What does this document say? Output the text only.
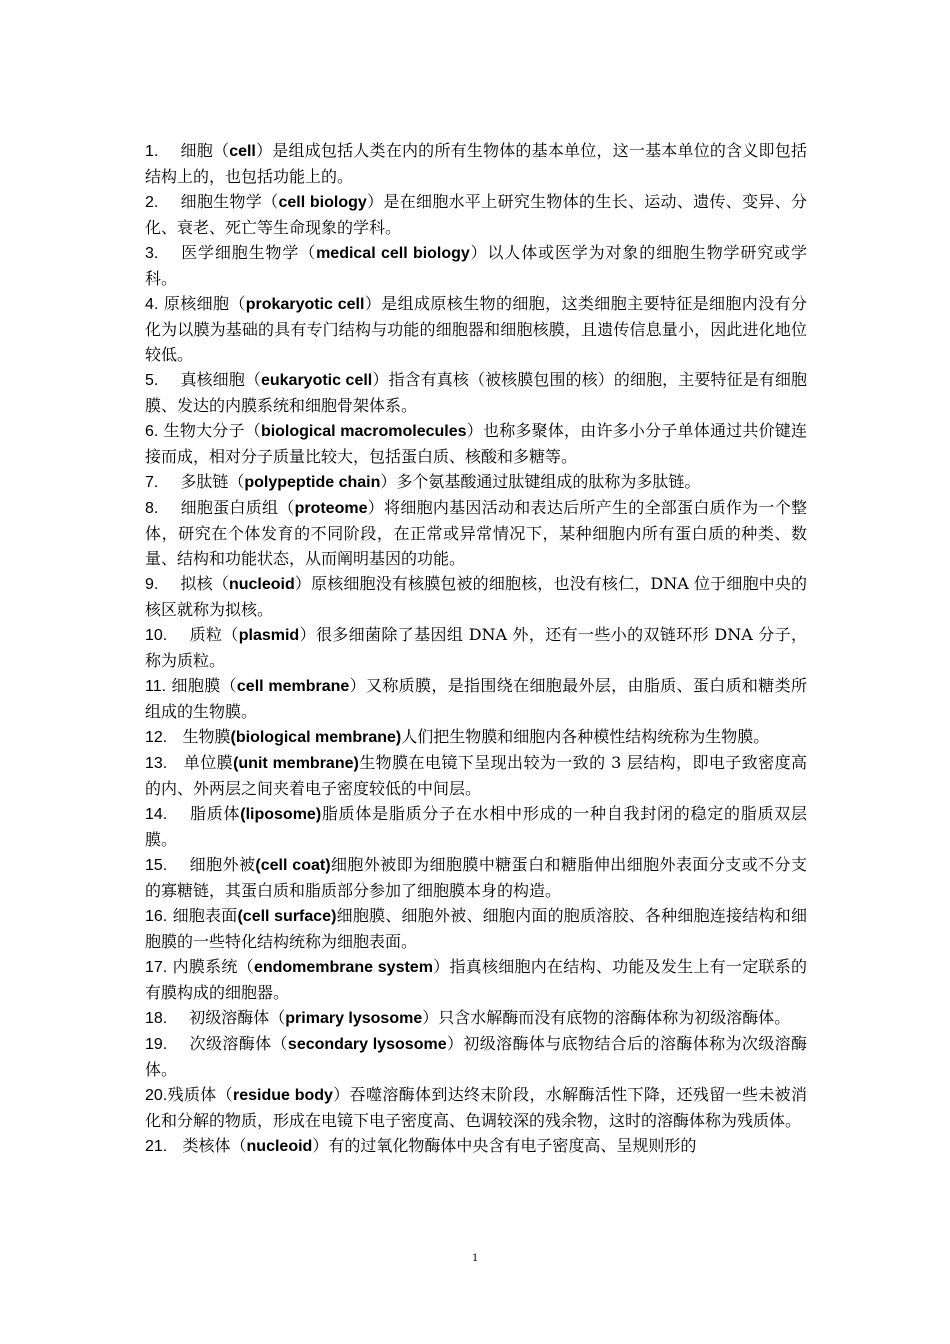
1. 细胞（cell）是组成包括人类在内的所有生物体的基本单位，这一基本单位的含义即包括结构上的，也包括功能上的。

2. 细胞生物学（cell biology）是在细胞水平上研究生物体的生长、运动、遗传、变异、分化、衰老、死亡等生命现象的学科。

3. 医学细胞生物学（medical cell biology）以人体或医学为对象的细胞生物学研究或学科。

4. 原核细胞（prokaryotic cell）是组成原核生物的细胞，这类细胞主要特征是细胞内没有分化为以膜为基础的具有专门结构与功能的细胞器和细胞核膜，且遗传信息量小，因此进化地位较低。

5. 真核细胞（eukaryotic cell）指含有真核（被核膜包围的核）的细胞，主要特征是有细胞膜、发达的内膜系统和细胞骨架体系。

6. 生物大分子（biological macromolecules）也称多聚体，由许多小分子单体通过共价键连接而成，相对分子质量比较大，包括蛋白质、核酸和多糖等。

7. 多肽链（polypeptide chain）多个氨基酸通过肽键组成的肽称为多肽链。

8. 细胞蛋白质组（proteome）将细胞内基因活动和表达后所产生的全部蛋白质作为一个整体，研究在个体发育的不同阶段，在正常或异常情况下，某种细胞内所有蛋白质的种类、数量、结构和功能状态，从而阐明基因的功能。

9. 拟核（nucleoid）原核细胞没有核膜包被的细胞核，也没有核仁，DNA 位于细胞中央的核区就称为拟核。

10. 质粒（plasmid）很多细菌除了基因组 DNA 外，还有一些小的双链环形 DNA 分子，称为质粒。

11. 细胞膜（cell membrane）又称质膜，是指围绕在细胞最外层，由脂质、蛋白质和糖类所组成的生物膜。

12. 生物膜(biological membrane)人们把生物膜和细胞内各种模性结构统称为生物膜。

13. 单位膜(unit membrane)生物膜在电镜下呈现出较为一致的 3 层结构，即电子致密度高的内、外两层之间夹着电子密度较低的中间层。

14. 脂质体(liposome)脂质体是脂质分子在水相中形成的一种自我封闭的稳定的脂质双层膜。

15. 细胞外被(cell coat)细胞外被即为细胞膜中糖蛋白和糖脂伸出细胞外表面分支或不分支的寡糖链，其蛋白质和脂质部分参加了细胞膜本身的构造。

16. 细胞表面(cell surface)细胞膜、细胞外被、细胞内面的胞质溶胶、各种细胞连接结构和细胞膜的一些特化结构统称为细胞表面。

17. 内膜系统（endomembrane system）指真核细胞内在结构、功能及发生上有一定联系的有膜构成的细胞器。

18. 初级溶酶体（primary lysosome）只含水解酶而没有底物的溶酶体称为初级溶酶体。

19. 次级溶酶体（secondary lysosome）初级溶酶体与底物结合后的溶酶体称为次级溶酶体。

20.残质体（residue body）吞噬溶酶体到达终末阶段，水解酶活性下降，还残留一些未被消化和分解的物质，形成在电镜下电子密度高、色调较深的残余物，这时的溶酶体称为残质体。

21. 类核体（nucleoid）有的过氧化物酶体中央含有电子密度高、呈规则形的

1
